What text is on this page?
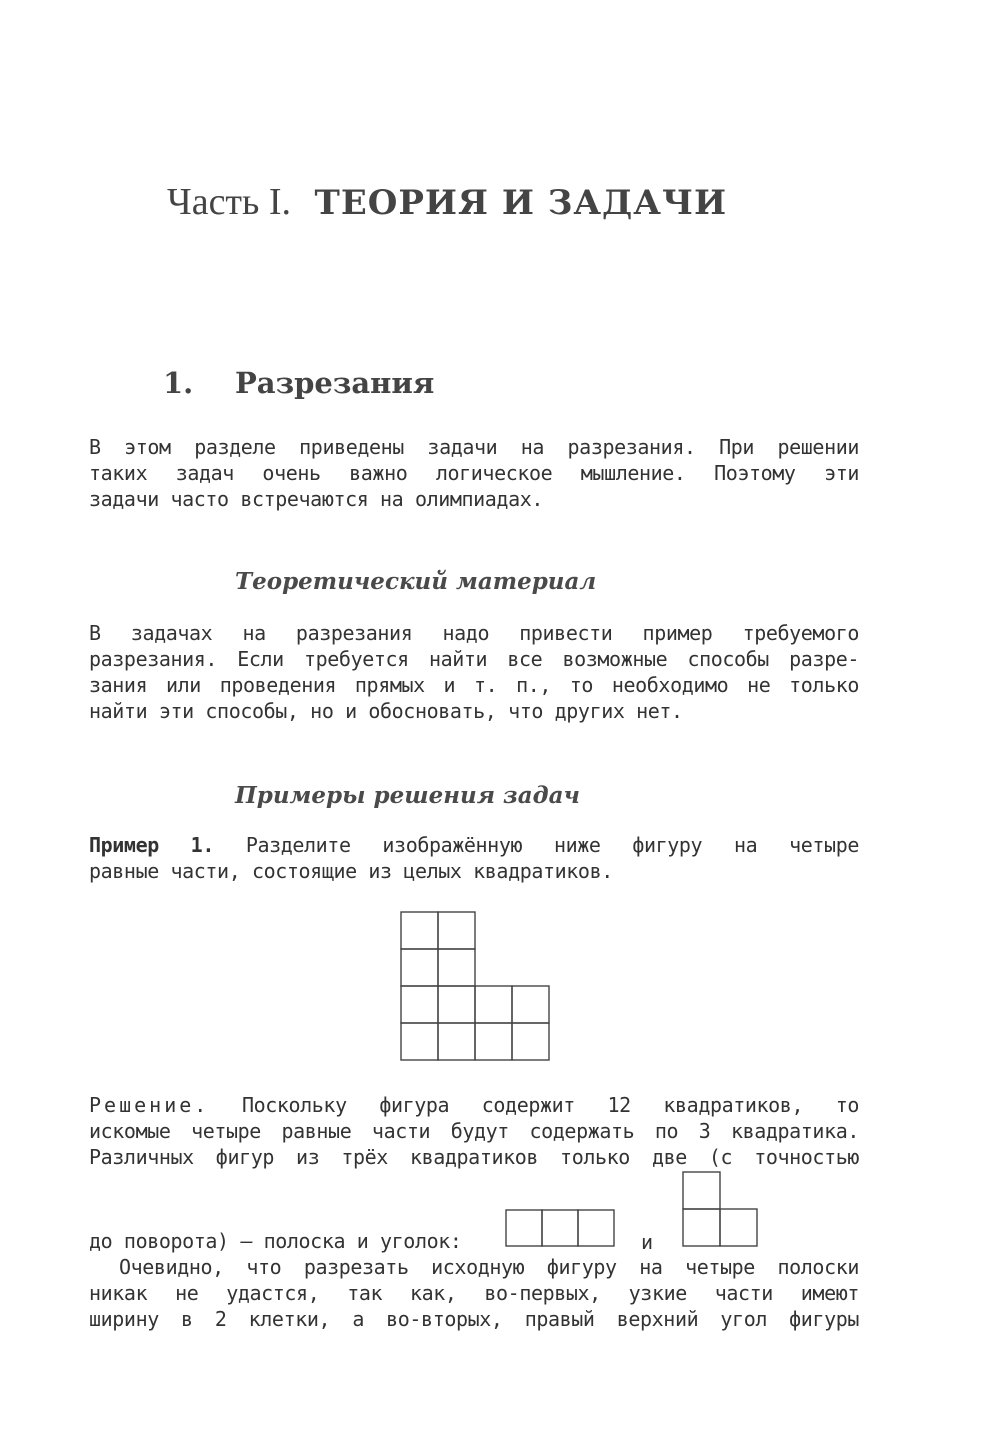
Часть I. ТЕОРИЯ И ЗАДАЧИ
1. Разрезания
В этом разделе приведены задачи на разрезания. При решении
таких задач очень важно логическое мышление. Поэтому эти
задачи часто встречаются на олимпиадах.
Теоретический материал
В задачах на разрезания надо привести пример требуемого
разрезания. Если требуется найти все возможные способы разре-
зания или проведения прямых и т. п., то необходимо не только
найти эти способы, но и обосновать, что других нет.
Примеры решения задач
Пример 1. Разделите изображённую ниже фигуру на четыре
равные части, состоящие из целых квадратиков.
Решение. Поскольку фигура содержит 12 квадратиков, то
искомые четыре равные части будут содержать по 3 квадратика.
Различных фигур из трёх квадратиков только две (с точностью
до поворота) — полоска и уголок:	и
Очевидно, что разрезать исходную фигуру на четыре полоски
никак не удастся, так как, во-первых, узкие части имеют
ширину в 2 клетки, а во-вторых, правый верхний угол фигуры
